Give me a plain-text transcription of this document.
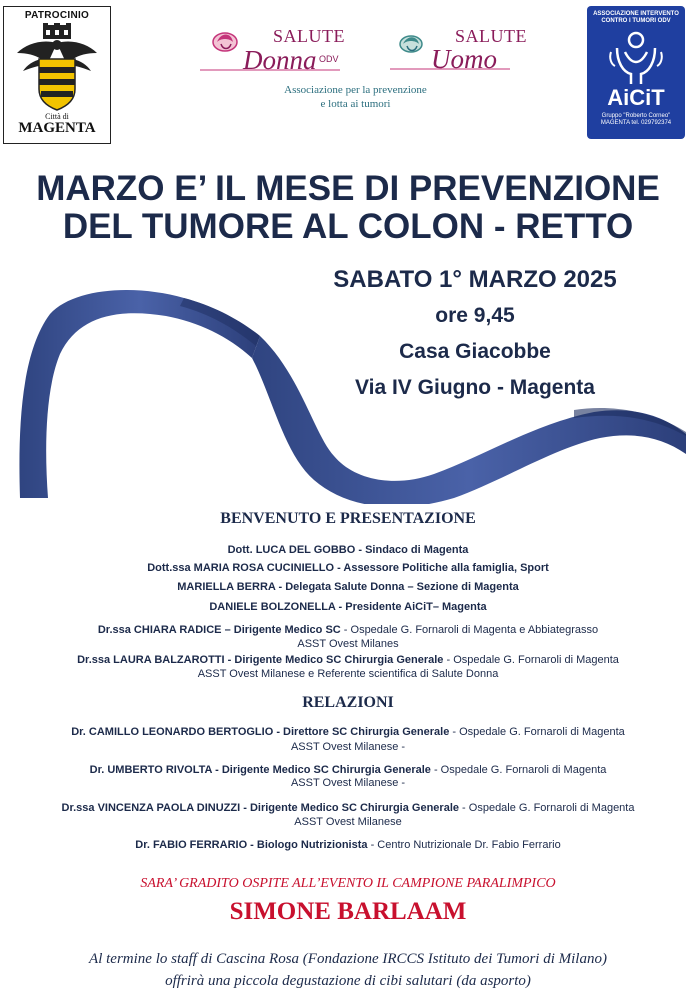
PATROCINIO
Città di
MAGENTA
SALUTE
Donna ODV
SALUTE
Uomo
Associazione per la prevenzione
e lotta ai tumori
ASSOCIAZIONE INTERVENTO
CONTRO I TUMORI ODV
AiCiT
Gruppo "Roberto Corneo"
MAGENTA tel. 029792374
MARZO E’ IL MESE DI PREVENZIONE
DEL TUMORE AL COLON - RETTO
SABATO 1° MARZO 2025
ore 9,45
Casa Giacobbe
Via IV Giugno - Magenta
BENVENUTO E PRESENTAZIONE
Dott. LUCA DEL GOBBO - Sindaco di Magenta
Dott.ssa MARIA ROSA CUCINIELLO - Assessore Politiche alla famiglia, Sport
MARIELLA BERRA - Delegata Salute Donna – Sezione di Magenta
DANIELE BOLZONELLA - Presidente AiCiT– Magenta
Dr.ssa CHIARA RADICE – Dirigente Medico SC - Ospedale G. Fornaroli di Magenta e Abbiategrasso
ASST Ovest Milanes
Dr.ssa LAURA BALZAROTTI - Dirigente Medico SC Chirurgia Generale - Ospedale G. Fornaroli di Magenta
ASST Ovest Milanese e Referente scientifica di Salute Donna
RELAZIONI
Dr. CAMILLO LEONARDO BERTOGLIO - Direttore SC Chirurgia Generale - Ospedale G. Fornaroli di Magenta
ASST Ovest Milanese -
Dr. UMBERTO RIVOLTA - Dirigente Medico SC Chirurgia Generale - Ospedale G. Fornaroli di Magenta
ASST Ovest Milanese -
Dr.ssa VINCENZA PAOLA DINUZZI - Dirigente Medico SC Chirurgia Generale - Ospedale G. Fornaroli di Magenta
ASST Ovest Milanese
Dr. FABIO FERRARIO - Biologo Nutrizionista - Centro Nutrizionale Dr. Fabio Ferrario
SARA’ GRADITO OSPITE ALL’EVENTO IL CAMPIONE PARALIMPICO
SIMONE BARLAAM
Al termine lo staff di Cascina Rosa (Fondazione IRCCS Istituto dei Tumori di Milano)
offrirà una piccola degustazione di cibi salutari (da asporto)
